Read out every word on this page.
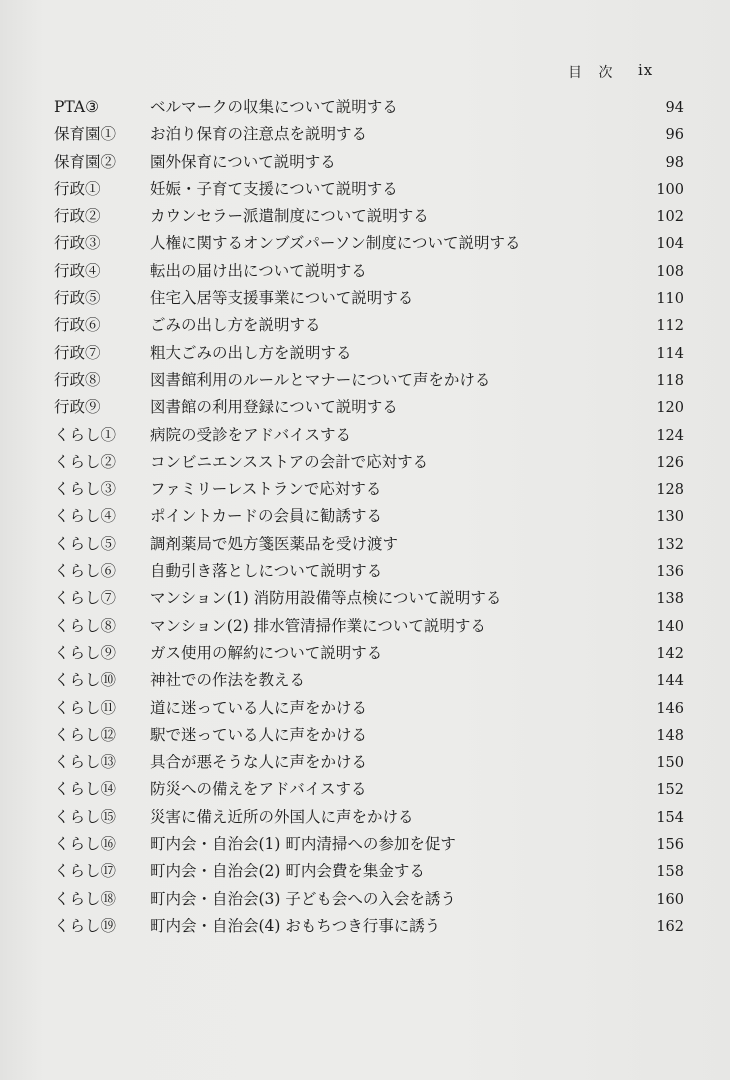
目 次 ix
PTA③	ベルマークの収集について説明する	94
保育園① お泊り保育の注意点を説明する	96
保育園② 園外保育について説明する	98
行政①	妊娠・子育て支援について説明する	100
行政②	カウンセラー派遣制度について説明する	102
行政③	人権に関するオンブズパーソン制度について説明する	104
行政④	転出の届け出について説明する	108
行政⑤	住宅入居等支援事業について説明する	110
行政⑥	ごみの出し方を説明する	112
行政⑦	粗大ごみの出し方を説明する	114
行政⑧	図書館利用のルールとマナーについて声をかける	118
行政⑨	図書館の利用登録について説明する	120
くらし① 病院の受診をアドバイスする	124
くらし② コンビニエンスストアの会計で応対する	126
くらし③ ファミリーレストランで応対する	128
くらし④ ポイントカードの会員に勧誘する	130
くらし⑤ 調剤薬局で処方箋医薬品を受け渡す	132
くらし⑥ 自動引き落としについて説明する	136
くらし⑦ マンション(1) 消防用設備等点検について説明する	138
くらし⑧ マンション(2) 排水管清掃作業について説明する	140
くらし⑨ ガス使用の解約について説明する	142
くらし⑩ 神社での作法を教える	144
くらし⑪ 道に迷っている人に声をかける	146
くらし⑫ 駅で迷っている人に声をかける	148
くらし⑬ 具合が悪そうな人に声をかける	150
くらし⑭ 防災への備えをアドバイスする	152
くらし⑮ 災害に備え近所の外国人に声をかける	154
くらし⑯ 町内会・自治会(1) 町内清掃への参加を促す	156
くらし⑰ 町内会・自治会(2) 町内会費を集金する	158
くらし⑱ 町内会・自治会(3) 子ども会への入会を誘う	160
くらし⑲ 町内会・自治会(4) おもちつき行事に誘う	162
